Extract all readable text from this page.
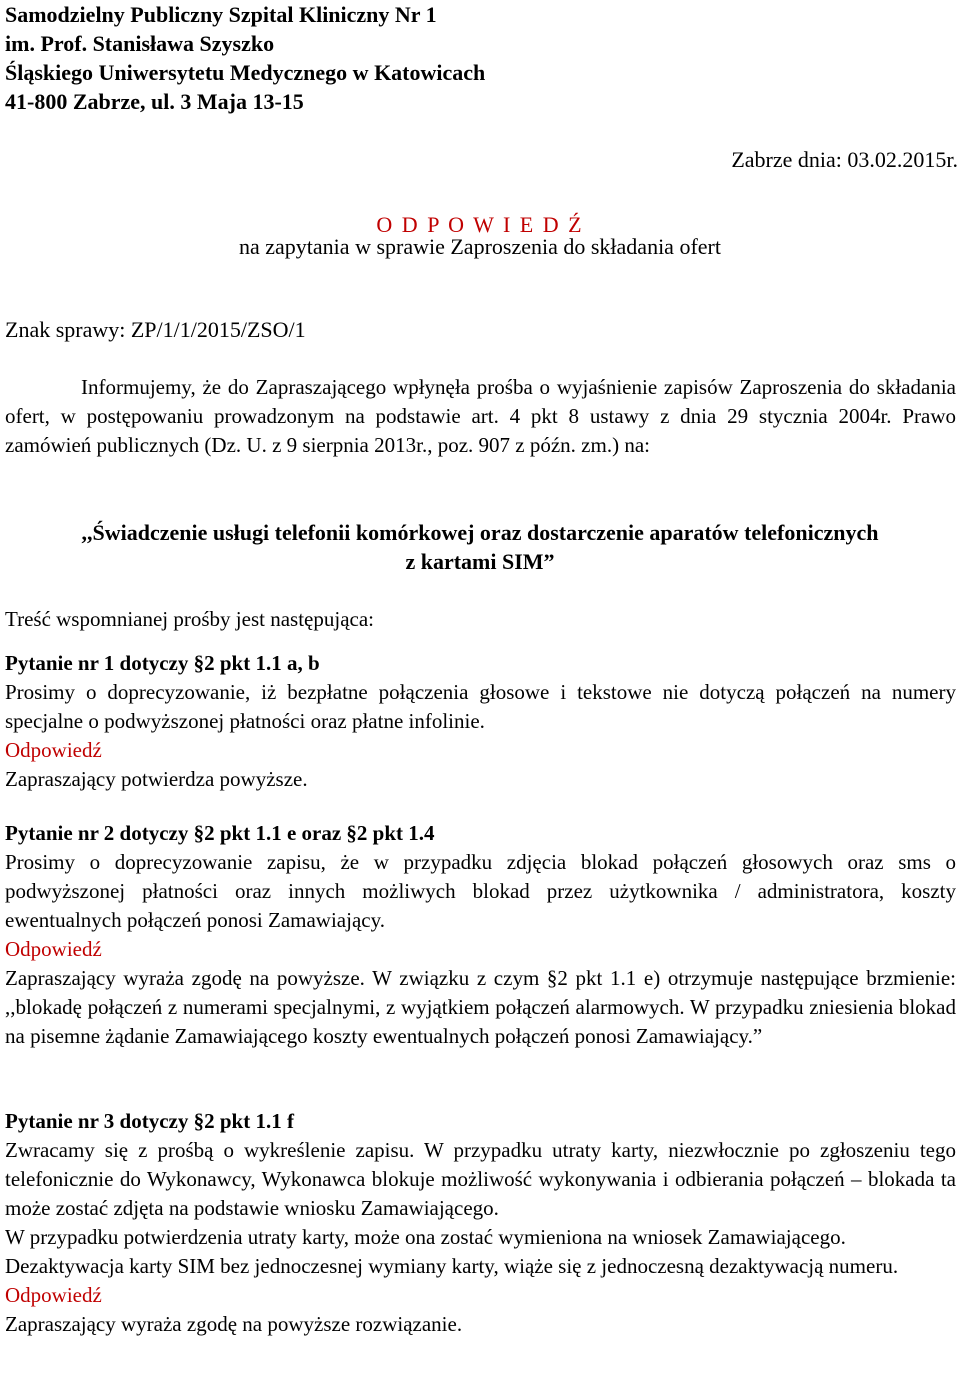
Samodzielny Publiczny Szpital Kliniczny Nr 1
im. Prof. Stanisława Szyszko
Śląskiego Uniwersytetu Medycznego w Katowicach
41-800 Zabrze, ul. 3 Maja 13-15
Zabrze dnia: 03.02.2015r.
O D P O W I E D Ź
na zapytania w sprawie Zaproszenia do składania ofert
Znak sprawy: ZP/1/1/2015/ZSO/1
Informujemy, że do Zapraszającego wpłynęła prośba o wyjaśnienie zapisów Zaproszenia do składania ofert, w postępowaniu prowadzonym na podstawie art. 4 pkt 8 ustawy z dnia 29 stycznia 2004r. Prawo zamówień publicznych (Dz. U. z 9 sierpnia 2013r., poz. 907 z późn. zm.) na:
,,Świadczenie usługi telefonii komórkowej oraz dostarczenie aparatów telefonicznych
z kartami SIM”
Treść wspomnianej prośby jest następująca:
Pytanie nr 1 dotyczy §2 pkt 1.1 a, b
Prosimy o doprecyzowanie, iż bezpłatne połączenia głosowe i tekstowe nie dotyczą połączeń na numery specjalne o podwyższonej płatności oraz płatne infolinie.
Odpowiedź
Zapraszający potwierdza powyższe.
Pytanie nr 2 dotyczy §2 pkt 1.1 e oraz §2 pkt 1.4
Prosimy o doprecyzowanie zapisu, że w przypadku zdjęcia blokad połączeń głosowych oraz sms o podwyższonej płatności oraz innych możliwych blokad przez użytkownika / administratora, koszty ewentualnych połączeń ponosi Zamawiający.
Odpowiedź
Zapraszający wyraża zgodę na powyższe. W związku z czym §2 pkt 1.1 e) otrzymuje następujące brzmienie: ,,blokadę połączeń z numerami specjalnymi, z wyjątkiem połączeń alarmowych. W przypadku zniesienia blokad na pisemne żądanie Zamawiającego koszty ewentualnych połączeń ponosi Zamawiający.”
Pytanie nr 3 dotyczy §2 pkt 1.1 f
Zwracamy się z prośbą o wykreślenie zapisu. W przypadku utraty karty, niezwłocznie po zgłoszeniu tego telefonicznie do Wykonawcy, Wykonawca blokuje możliwość wykonywania i odbierania połączeń – blokada ta może zostać zdjęta na podstawie wniosku Zamawiającego.
W przypadku potwierdzenia utraty karty, może ona zostać wymieniona na wniosek Zamawiającego.
Dezaktywacja karty SIM bez jednoczesnej wymiany karty, wiąże się z jednoczesną dezaktywacją numeru.
Odpowiedź
Zapraszający wyraża zgodę na powyższe rozwiązanie.
